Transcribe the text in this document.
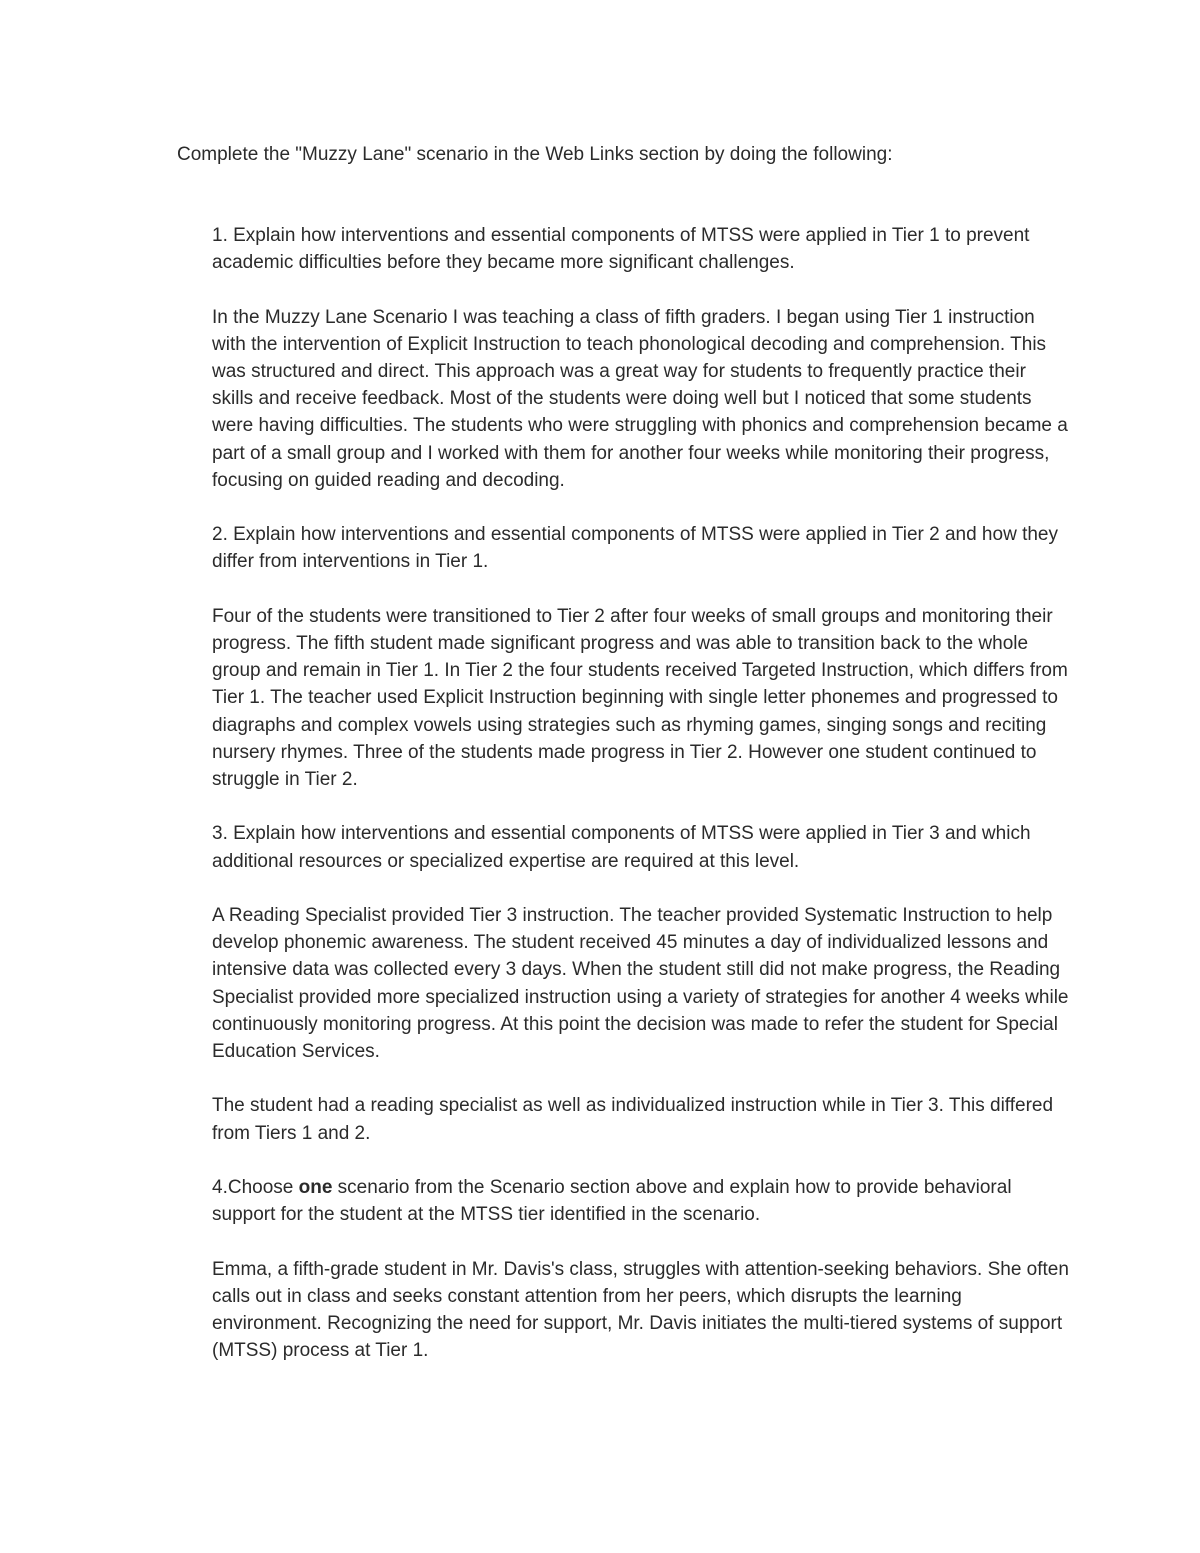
Complete the "Muzzy Lane" scenario in the Web Links section by doing the following:

1. Explain how interventions and essential components of MTSS were applied in Tier 1 to prevent academic difficulties before they became more significant challenges.

In the Muzzy Lane Scenario I was teaching a class of fifth graders. I began using Tier 1 instruction with the intervention of Explicit Instruction to teach phonological decoding and comprehension. This was structured and direct. This approach was a great way for students to frequently practice their skills and receive feedback. Most of the students were doing well but I noticed that some students were having difficulties. The students who were struggling with phonics and comprehension became a part of a small group and I worked with them for another four weeks while monitoring their progress, focusing on guided reading and decoding.

2. Explain how interventions and essential components of MTSS were applied in Tier 2 and how they differ from interventions in Tier 1.

Four of the students were transitioned to Tier 2 after four weeks of small groups and monitoring their progress. The fifth student made significant progress and was able to transition back to the whole group and remain in Tier 1. In Tier 2 the four students received Targeted Instruction, which differs from Tier 1. The teacher used Explicit Instruction beginning with single letter phonemes and progressed to diagraphs and complex vowels using strategies such as rhyming games, singing songs and reciting nursery rhymes. Three of the students made progress in Tier 2. However one student continued to struggle in Tier 2.

3. Explain how interventions and essential components of MTSS were applied in Tier 3 and which additional resources or specialized expertise are required at this level.

A Reading Specialist provided Tier 3 instruction. The teacher provided Systematic Instruction to help develop phonemic awareness. The student received 45 minutes a day of individualized lessons and intensive data was collected every 3 days. When the student still did not make progress, the Reading Specialist provided more specialized instruction using a variety of strategies for another 4 weeks while continuously monitoring progress. At this point the decision was made to refer the student for Special Education Services.

The student had a reading specialist as well as individualized instruction while in Tier 3. This differed from Tiers 1 and 2.

4.Choose one scenario from the Scenario section above and explain how to provide behavioral support for the student at the MTSS tier identified in the scenario.

Emma, a fifth-grade student in Mr. Davis's class, struggles with attention-seeking behaviors. She often calls out in class and seeks constant attention from her peers, which disrupts the learning environment. Recognizing the need for support, Mr. Davis initiates the multi-tiered systems of support (MTSS) process at Tier 1.
